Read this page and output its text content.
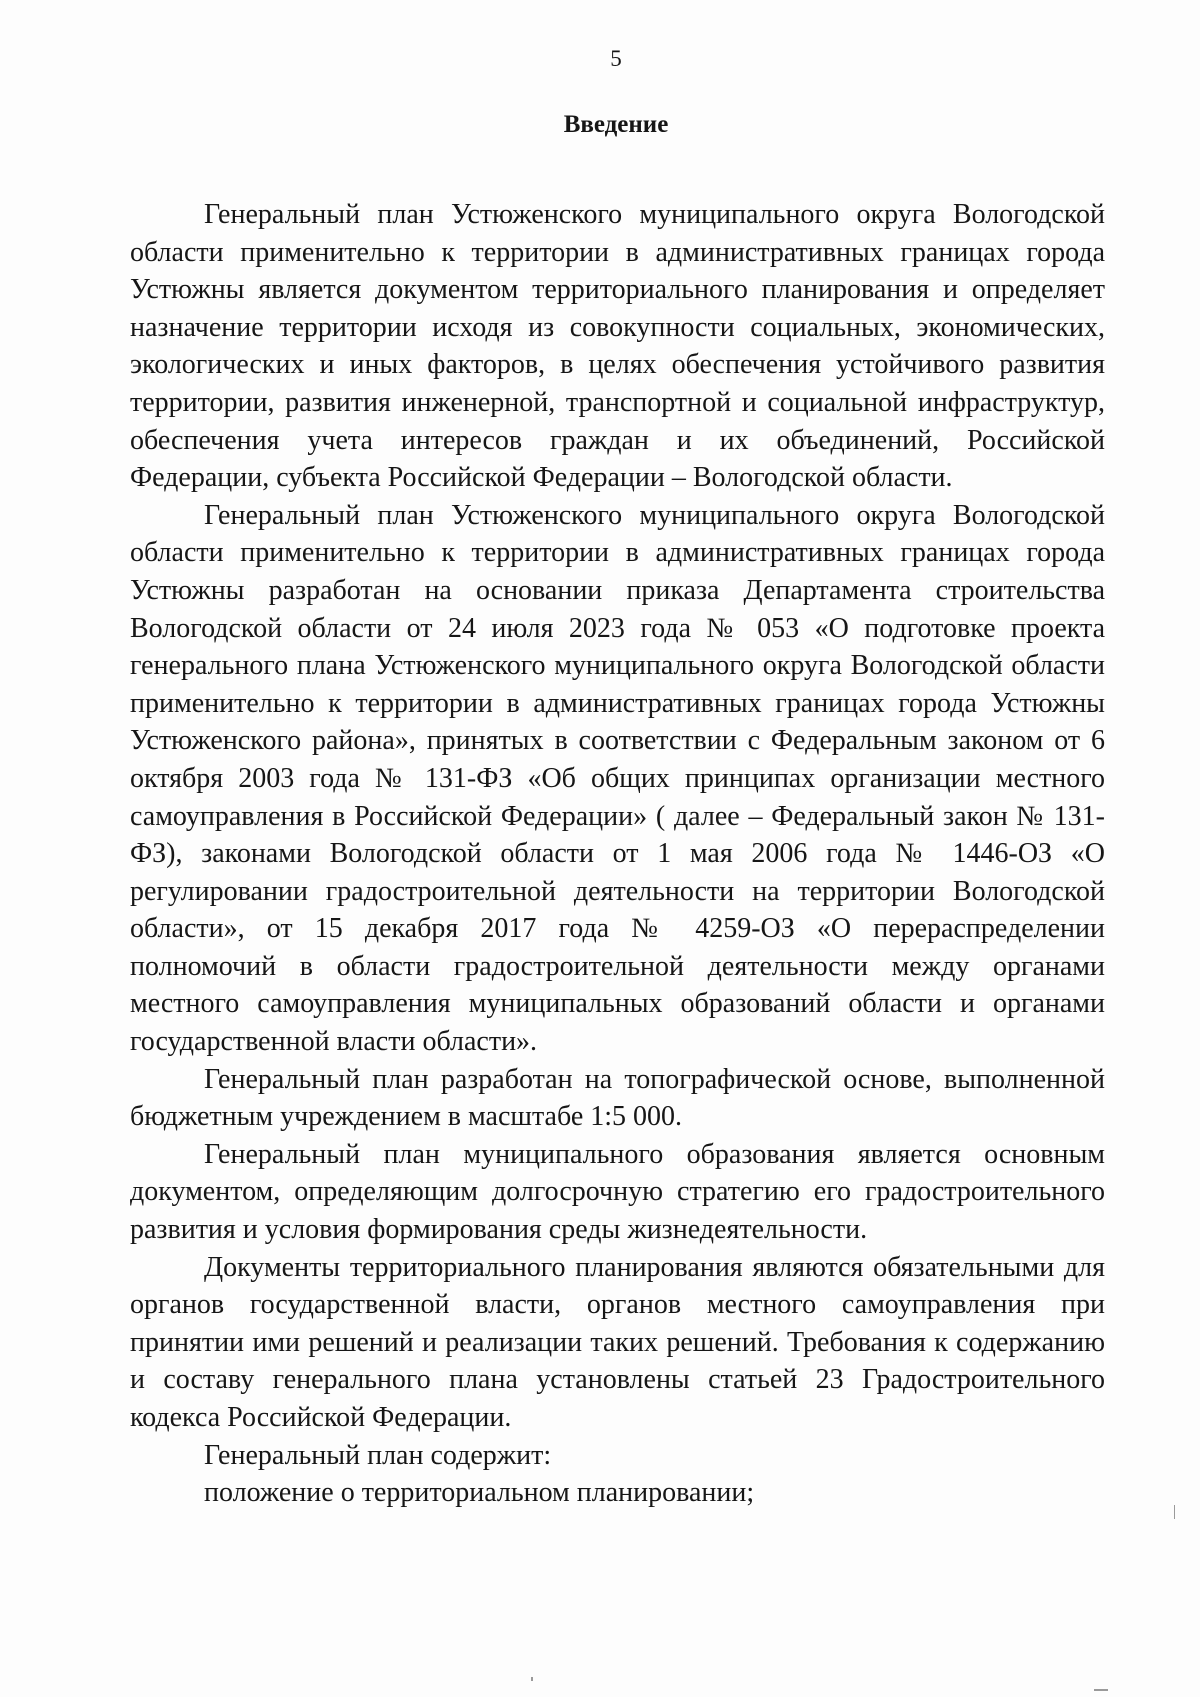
5
Введение

Генеральный план Устюженского муниципального округа Вологодской области применительно к территории в административных границах города Устюжны является документом территориального планирования и определяет назначение территории исходя из совокупности социальных, экономических, экологических и иных факторов, в целях обеспечения устойчивого развития территории, развития инженерной, транспортной и социальной инфраструктур, обеспечения учета интересов граждан и их объединений, Российской Федерации, субъекта Российской Федерации – Вологодской области.

Генеральный план Устюженского муниципального округа Вологодской области применительно к территории в административных границах города Устюжны разработан на основании приказа Департамента строительства Вологодской области от 24 июля 2023 года № 053 «О подготовке проекта генерального плана Устюженского муниципального округа Вологодской области применительно к территории в административных границах города Устюжны Устюженского района», принятых в соответствии с Федеральным законом от 6 октября 2003 года № 131-ФЗ «Об общих принципах организации местного самоуправления в Российской Федерации» ( далее – Федеральный закон № 131-ФЗ), законами Вологодской области от 1 мая 2006 года № 1446-ОЗ «О регулировании градостроительной деятельности на территории Вологодской области», от 15 декабря 2017 года № 4259-ОЗ «О перераспределении полномочий в области градостроительной деятельности между органами местного самоуправления муниципальных образований области и органами государственной власти области».

Генеральный план разработан на топографической основе, выполненной бюджетным учреждением в масштабе 1:5 000.

Генеральный план муниципального образования является основным документом, определяющим долгосрочную стратегию его градостроительного развития и условия формирования среды жизнедеятельности.

Документы территориального планирования являются обязательными для органов государственной власти, органов местного самоуправления при принятии ими решений и реализации таких решений. Требования к содержанию и составу генерального плана установлены статьей 23 Градостроительного кодекса Российской Федерации.

Генеральный план содержит:

положение о территориальном планировании;
